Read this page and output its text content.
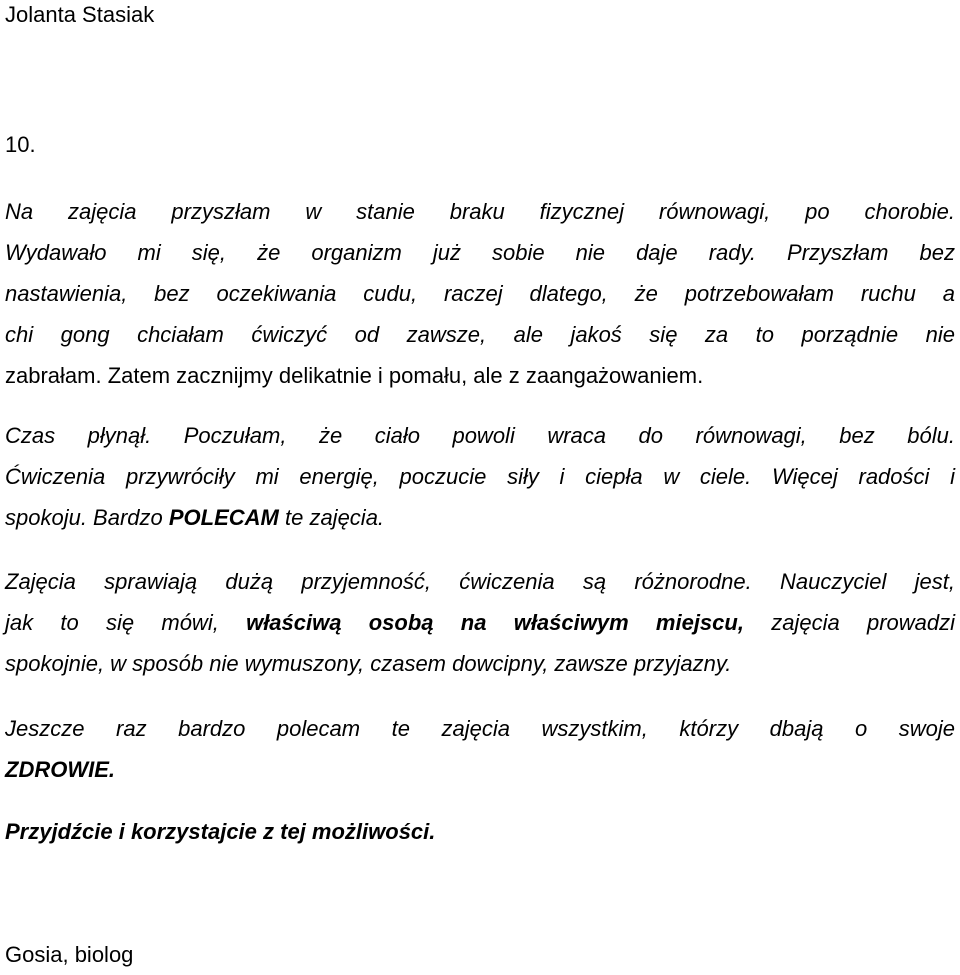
Jolanta Stasiak
10.
Na zajęcia przyszłam w stanie braku fizycznej równowagi, po chorobie.
Wydawało mi się, że organizm już sobie nie daje rady. Przyszłam bez
nastawienia, bez oczekiwania cudu, raczej dlatego, że potrzebowałam ruchu a
chi gong chciałam ćwiczyć od zawsze, ale jakoś się za to porządnie nie
zabrałam. Zatem zacznijmy delikatnie i pomału, ale z zaangażowaniem.
Czas płynął. Poczułam, że ciało powoli wraca do równowagi, bez bólu.
Ćwiczenia przywróciły mi energię, poczucie siły i ciepła w ciele. Więcej radości i
spokoju. Bardzo POLECAM te zajęcia.
Zajęcia sprawiają dużą przyjemność, ćwiczenia są różnorodne. Nauczyciel jest,
jak to się mówi, właściwą osobą na właściwym miejscu, zajęcia prowadzi
spokojnie, w sposób nie wymuszony, czasem dowcipny, zawsze przyjazny.
Jeszcze raz bardzo polecam te zajęcia wszystkim, którzy dbają o swoje
ZDROWIE.
Przyjdźcie i korzystajcie z tej możliwości.
Gosia, biolog
